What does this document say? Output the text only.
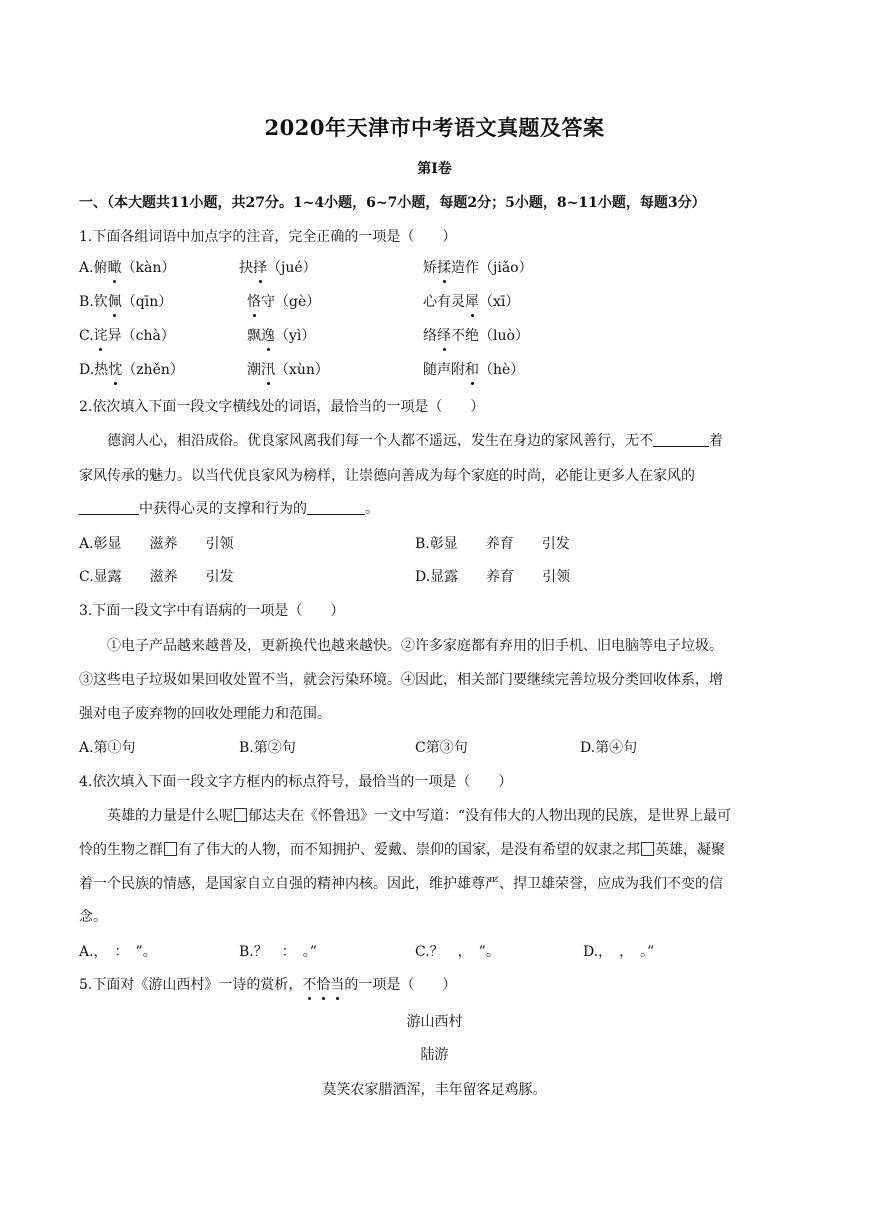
2020年天津市中考语文真题及答案
第Ⅰ卷
一、（本大题共11小题，共27分。1~4小题，6~7小题，每题2分；5小题，8~11小题，每题3分）
1.下面各组词语中加点字的注音，完全正确的一项是（　　）
A.俯瞰（kàn）	抉择（jué）	矫揉造作（jiǎo）
B.钦佩（qīn）	恪守（gè）	心有灵犀（xī）
C.诧异（chà）	飘逸（yì）	络绎不绝（luò）
D.热忱（zhěn）	潮汛（xùn）	随声附和（hè）
2.依次填入下面一段文字横线处的词语，最恰当的一项是（　　）
德润人心，相沿成俗。优良家风离我们每一个人都不遥远，发生在身边的家风善行，无不	着
家风传承的魅力。以当代优良家风为榜样，让崇德向善成为每个家庭的时尚，必能让更多人在家风的
中获得心灵的支撑和行为的	。
A.彰显　　滋养　　引领	B.彰显　　养育　　引发
C.显露　　滋养　　引发	D.显露　　养育　　引领
3.下面一段文字中有语病的一项是（　　）
①电子产品越来越普及，更新换代也越来越快。②许多家庭都有弃用的旧手机、旧电脑等电子垃圾。
③这些电子垃圾如果回收处置不当，就会污染环境。④因此，相关部门要继续完善垃圾分类回收体系，增
强对电子废弃物的回收处理能力和范围。
A.第①句	B.第②句	C第③句	D.第④句
4.依次填入下面一段文字方框内的标点符号，最恰当的一项是（　　）
英雄的力量是什么呢 郁达夫在《怀鲁迅》一文中写道：“没有伟大的人物出现的民族，是世界上最可
怜的生物之群 有了伟大的人物，而不知拥护、爱戴、崇仰的国家，是没有希望的奴隶之邦 英雄，凝聚
着一个民族的情感，是国家自立自强的精神内核。因此，维护雄尊严、捍卫雄荣誉，应成为我们不变的信
念。
A.，　：　”。	B.？　：　。”	C.？　，　”。	D.，　，　。”
5.下面对《游山西村》一诗的赏析，不恰当的一项是（　　）
游山西村
陆游
莫笑农家腊酒浑，丰年留客足鸡豚。
